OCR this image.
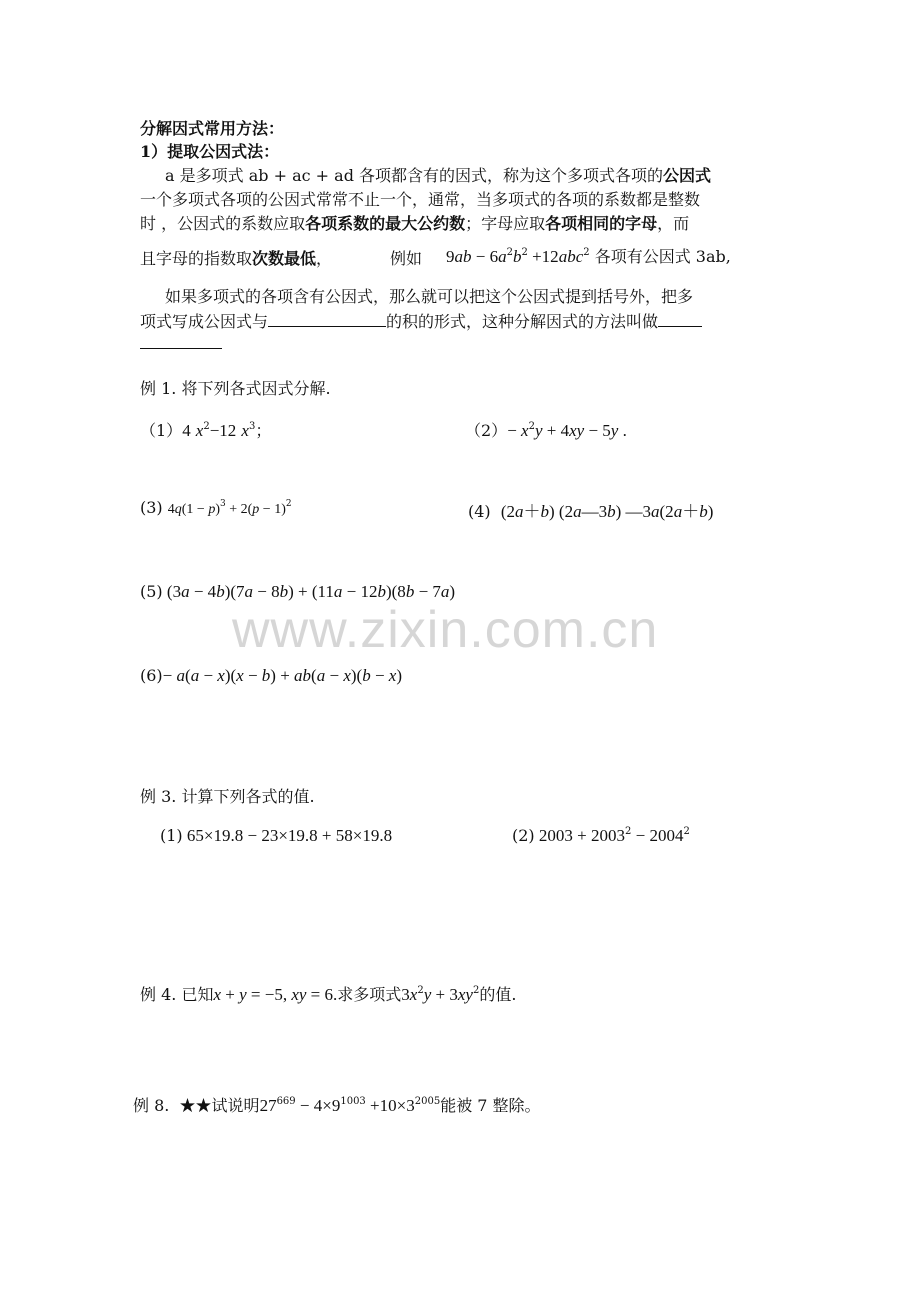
www.zixin.com.cn
分解因式常用方法：
1）提取公因式法：
a 是多项式 ab + ac + ad 各项都含有的因式，称为这个多项式各项的公因式
一个多项式各项的公因式常常不止一个，通常，当多项式的各项的系数都是整数
时 ，公因式的系数应取各项系数的最大公约数；字母应取各项相同的字母，而
且字母的指数取次数最低，	例如 $9ab - 6a^2b^2 +12abc^2$ 各项有公因式 3ab,
如果多项式的各项含有公因式，那么就可以把这个公因式提到括号外，把多
项式写成公因式与	的积的形式，这种分解因式的方法叫做
例 1. 将下列各式因式分解.
（1）4 $x^2-12$ $x^3$；	$(2)- x^2y + 4xy - 5y$ .
(3) $4q(1 - p)^3 + 2(p - 1)^2$	(4) (2a＋b) (2a—3b) —3a(2a＋b)
(5) (3a − 4b)(7a − 8b) + (11a − 12b)(8b − 7a)
(6)− a(a − x)(x − b) + ab(a − x)(b − x)
例 3. 计算下列各式的值.
(1) 65×19.8 − 23×19.8 + 58×19.8	(2) $2003 + 2003^2 - 2004^2$
例 4. 已知x + y = −5, xy = 6.求多项式$3x^2y + 3xy^2$的值.
例 8. ★★试说明$27^{669} - 4\times 9^{1003} +10\times 3^{2005}$能被 7 整除。
